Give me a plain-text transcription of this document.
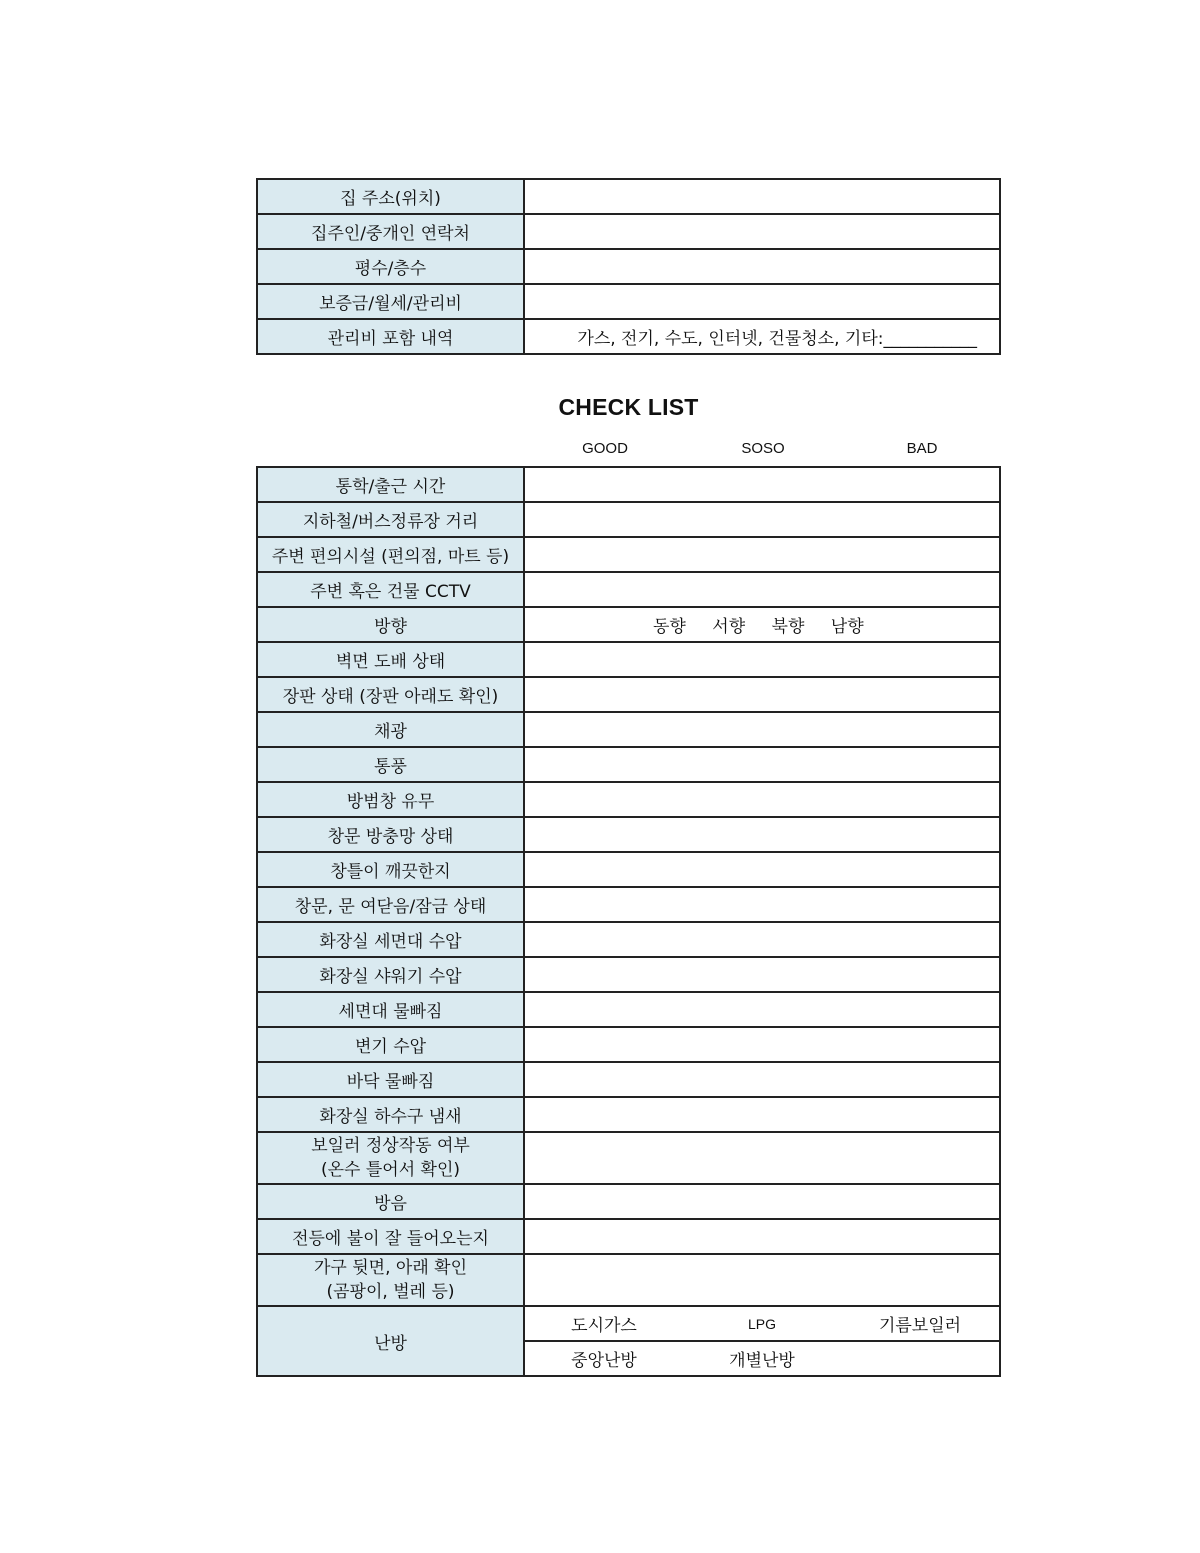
집 주소(위치)	
집주인/중개인 연락처	
평수/층수	
보증금/월세/관리비	
관리비 포함 내역	가스, 전기, 수도, 인터넷, 건물청소, 기타:___________
CHECK LIST
GOOD	SOSO	BAD
통학/출근 시간	
지하철/버스정류장 거리	
주변 편의시설 (편의점, 마트 등)	
주변 혹은 건물 CCTV	
방향	동향 서향 북향 남향
벽면 도배 상태	
장판 상태 (장판 아래도 확인)	
채광	
통풍	
방범창 유무	
창문 방충망 상태	
창틀이 깨끗한지	
창문, 문 여닫음/잠금 상태	
화장실 세면대 수압	
화장실 샤워기 수압	
세면대 물빠짐	
변기 수압	
바닥 물빠짐	
화장실 하수구 냄새	
보일러 정상작동 여부
(온수 틀어서 확인)	
방음	
전등에 불이 잘 들어오는지	
가구 뒷면, 아래 확인
(곰팡이, 벌레 등)	
난방	도시가스 LPG 기름보일러
중앙난방 개별난방
